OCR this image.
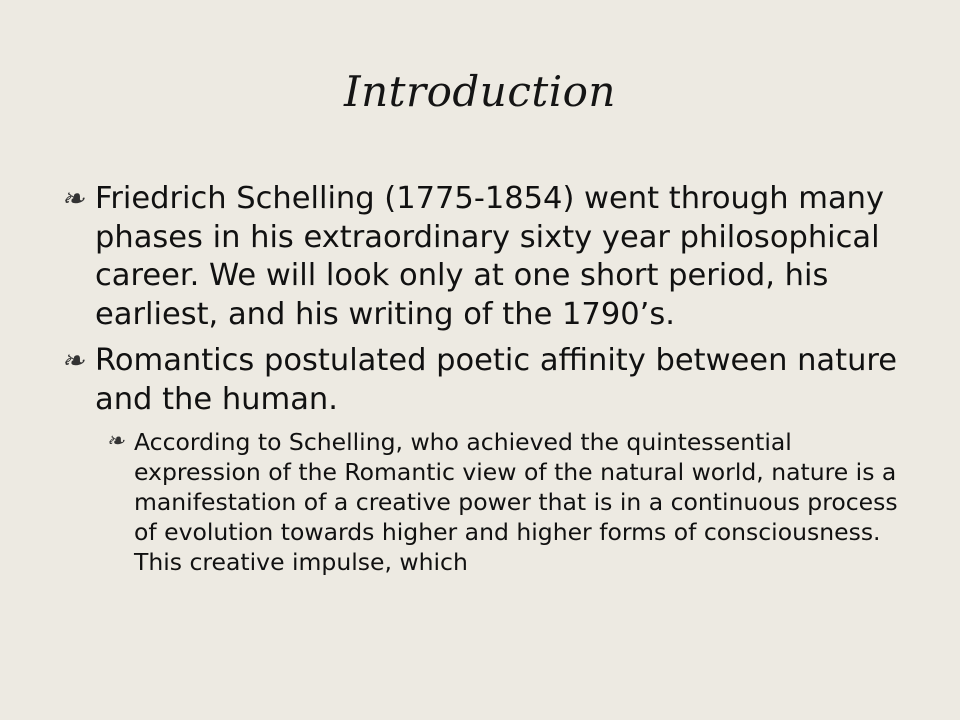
Introduction
❧ Friedrich Schelling (1775-1854) went through many phases in his extraordinary sixty year philosophical career. We will look only at one short period, his earliest, and his writing of the 1790’s.
❧ Romantics postulated poetic affinity between nature and the human.
❧ According to Schelling, who achieved the quintessential expression of the Romantic view of the natural world, nature is a manifestation of a creative power that is in a continuous process of evolution towards higher and higher forms of consciousness. This creative impulse, which
